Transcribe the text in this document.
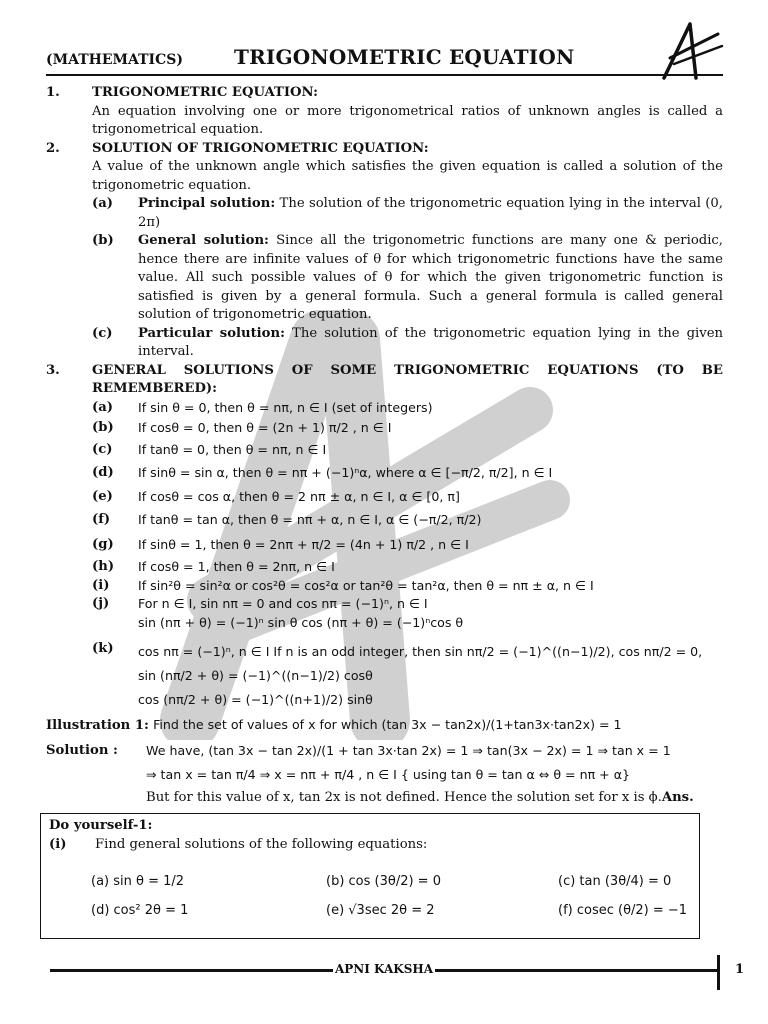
(MATHEMATICS)	TRIGONOMETRIC EQUATION
1.	TRIGONOMETRIC EQUATION:
An equation involving one or more trigonometrical ratios of unknown angles is called a trigonometrical equation.
2.	SOLUTION OF TRIGONOMETRIC EQUATION:
A value of the unknown angle which satisfies the given equation is called a solution of the trigonometric equation.
(a)	Principal solution: The solution of the trigonometric equation lying in the interval (0, 2π)
(b)	General solution: Since all the trigonometric functions are many one & periodic, hence there are infinite values of θ for which trigonometric functions have the same value. All such possible values of θ for which the given trigonometric function is satisfied is given by a general formula. Such a general formula is called general solution of trigonometric equation.
(c)	Particular solution: The solution of the trigonometric equation lying in the given interval.
3.	GENERAL SOLUTIONS OF SOME TRIGONOMETRIC EQUATIONS (TO BE REMEMBERED):
(a)	If sin θ = 0, then θ = nπ, n ∈ I (set of integers)
(b)	If cosθ = 0, then θ = (2n + 1) π/2 , n ∈ I
(c)	If tanθ = 0, then θ = nπ, n ∈ I
(d)	If sinθ = sin α, then θ = nπ + (−1)ⁿα, where α ∈ [−π/2, π/2], n ∈ I
(e)	If cosθ = cos α, then θ = 2 nπ ± α, n ∈ I, α ∈ [0, π]
(f)	If tanθ = tan α, then θ = nπ + α, n ∈ I, α ∈ (−π/2, π/2)
(g)	If sinθ = 1, then θ = 2nπ + π/2 = (4n + 1) π/2 , n ∈ I
(h)	If cosθ = 1, then θ = 2nπ, n ∈ I
(i)	If sin²θ = sin²α or cos²θ = cos²α or tan²θ = tan²α, then θ = nπ ± α, n ∈ I
(j)	For n ∈ I, sin nπ = 0 and cos nπ = (−1)ⁿ, n ∈ I
sin (nπ + θ) = (−1)ⁿ sin θ cos (nπ + θ) = (−1)ⁿcos θ
(k)	cos nπ = (−1)ⁿ, n ∈ I If n is an odd integer, then sin nπ/2 = (−1)^((n−1)/2), cos nπ/2 = 0,
sin (nπ/2 + θ) = (−1)^((n−1)/2) cosθ
cos (nπ/2 + θ) = (−1)^((n+1)/2) sinθ
Illustration 1: Find the set of values of x for which (tan 3x − tan2x)/(1+tan3x·tan2x) = 1
Solution :	We have, (tan 3x − tan 2x)/(1 + tan 3x·tan 2x) = 1 ⇒ tan(3x − 2x) = 1 ⇒ tan x = 1
⇒ tan x = tan π/4 ⇒ x = nπ + π/4 , n ∈ I { using tan θ = tan α ⇔ θ = nπ + α}
But for this value of x, tan 2x is not defined. Hence the solution set for x is ϕ.Ans.
Do yourself-1:
(i)	Find general solutions of the following equations:
(a) sin θ = 1/2	(b) cos (3θ/2) = 0	(c) tan (3θ/4) = 0
(d) cos² 2θ = 1	(e) √3sec 2θ = 2	(f) cosec (θ/2) = −1
APNI KAKSHA	1
